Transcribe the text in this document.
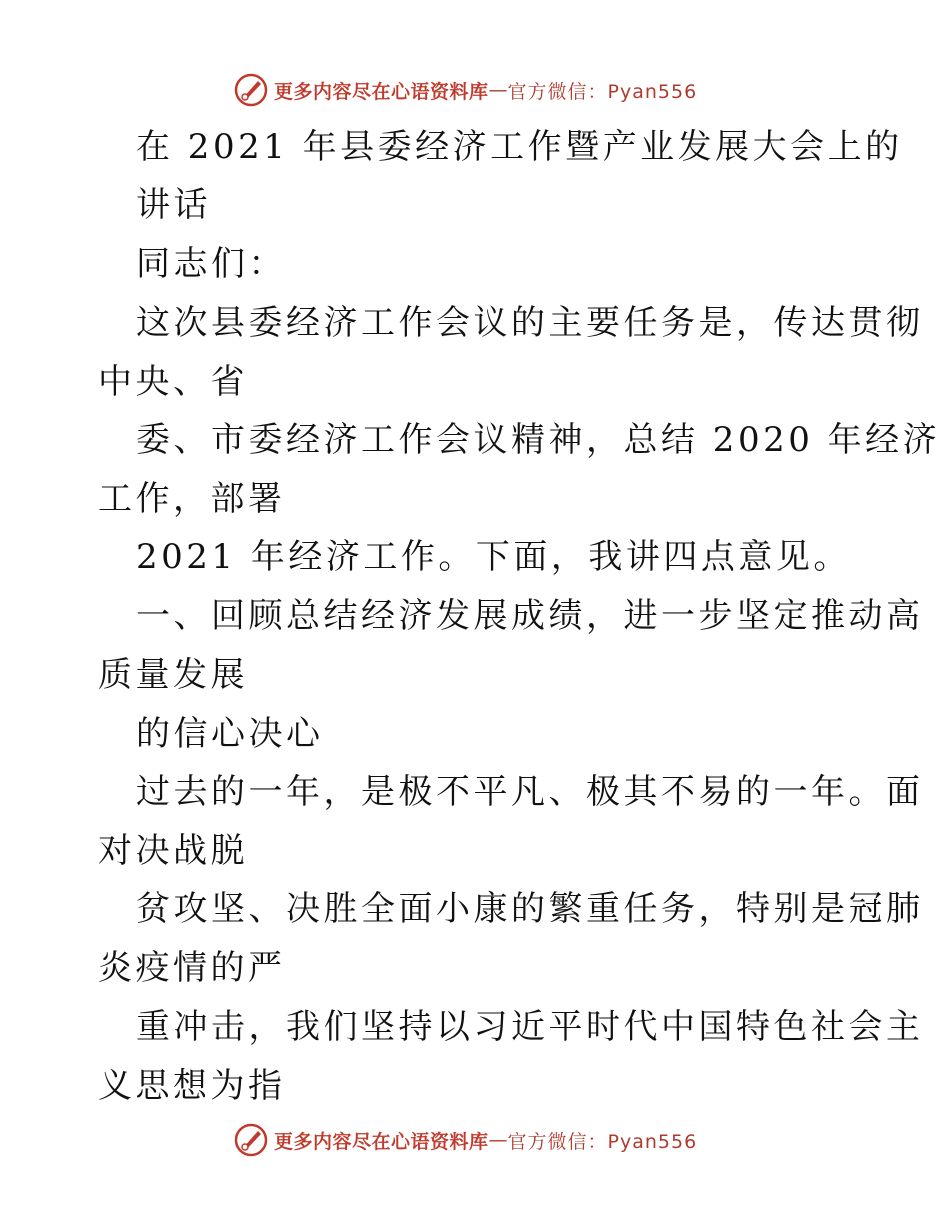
更多内容尽在心语资料库 — 官方微信：Pyan556
在 2021 年县委经济工作暨产业发展大会上的
讲话
同志们：
这次县委经济工作会议的主要任务是，传达贯彻
中央、省
委、市委经济工作会议精神，总结 2020 年经济
工作，部署
2021 年经济工作。下面，我讲四点意见。
一、回顾总结经济发展成绩，进一步坚定推动高
质量发展
的信心决心
过去的一年，是极不平凡、极其不易的一年。面
对决战脱
贫攻坚、决胜全面小康的繁重任务，特别是冠肺
炎疫情的严
重冲击，我们坚持以习近平时代中国特色社会主
义思想为指
更多内容尽在心语资料库 — 官方微信：Pyan556
